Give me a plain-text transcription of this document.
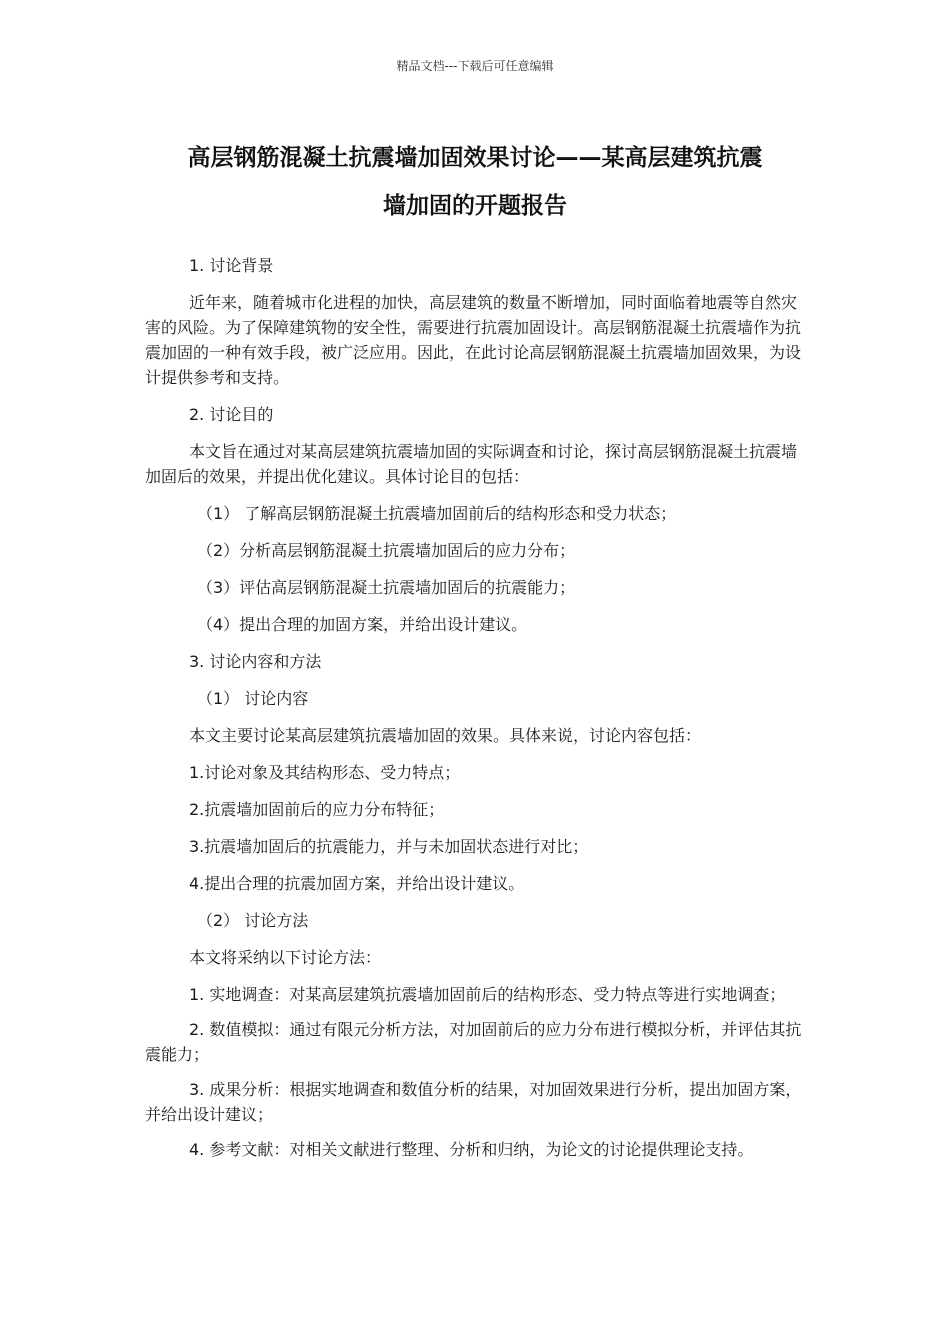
精品文档---下载后可任意编辑
高层钢筋混凝土抗震墙加固效果讨论——某高层建筑抗震
墙加固的开题报告

1. 讨论背景

近年来，随着城市化进程的加快，高层建筑的数量不断增加，同时面临着地震等自然灾害的风险。为了保障建筑物的安全性，需要进行抗震加固设计。高层钢筋混凝土抗震墙作为抗震加固的一种有效手段，被广泛应用。因此，在此讨论高层钢筋混凝土抗震墙加固效果，为设计提供参考和支持。

2. 讨论目的

本文旨在通过对某高层建筑抗震墙加固的实际调查和讨论，探讨高层钢筋混凝土抗震墙加固后的效果，并提出优化建议。具体讨论目的包括：

（1） 了解高层钢筋混凝土抗震墙加固前后的结构形态和受力状态；

（2）分析高层钢筋混凝土抗震墙加固后的应力分布；

（3）评估高层钢筋混凝土抗震墙加固后的抗震能力；

（4）提出合理的加固方案，并给出设计建议。

3. 讨论内容和方法

（1） 讨论内容

本文主要讨论某高层建筑抗震墙加固的效果。具体来说，讨论内容包括：

1.讨论对象及其结构形态、受力特点；

2.抗震墙加固前后的应力分布特征；

3.抗震墙加固后的抗震能力，并与未加固状态进行对比；

4.提出合理的抗震加固方案，并给出设计建议。

（2） 讨论方法

本文将采纳以下讨论方法：

1. 实地调查：对某高层建筑抗震墙加固前后的结构形态、受力特点等进行实地调查；

2. 数值模拟：通过有限元分析方法，对加固前后的应力分布进行模拟分析，并评估其抗震能力；

3. 成果分析：根据实地调查和数值分析的结果，对加固效果进行分析，提出加固方案，并给出设计建议；

4. 参考文献：对相关文献进行整理、分析和归纳，为论文的讨论提供理论支持。
